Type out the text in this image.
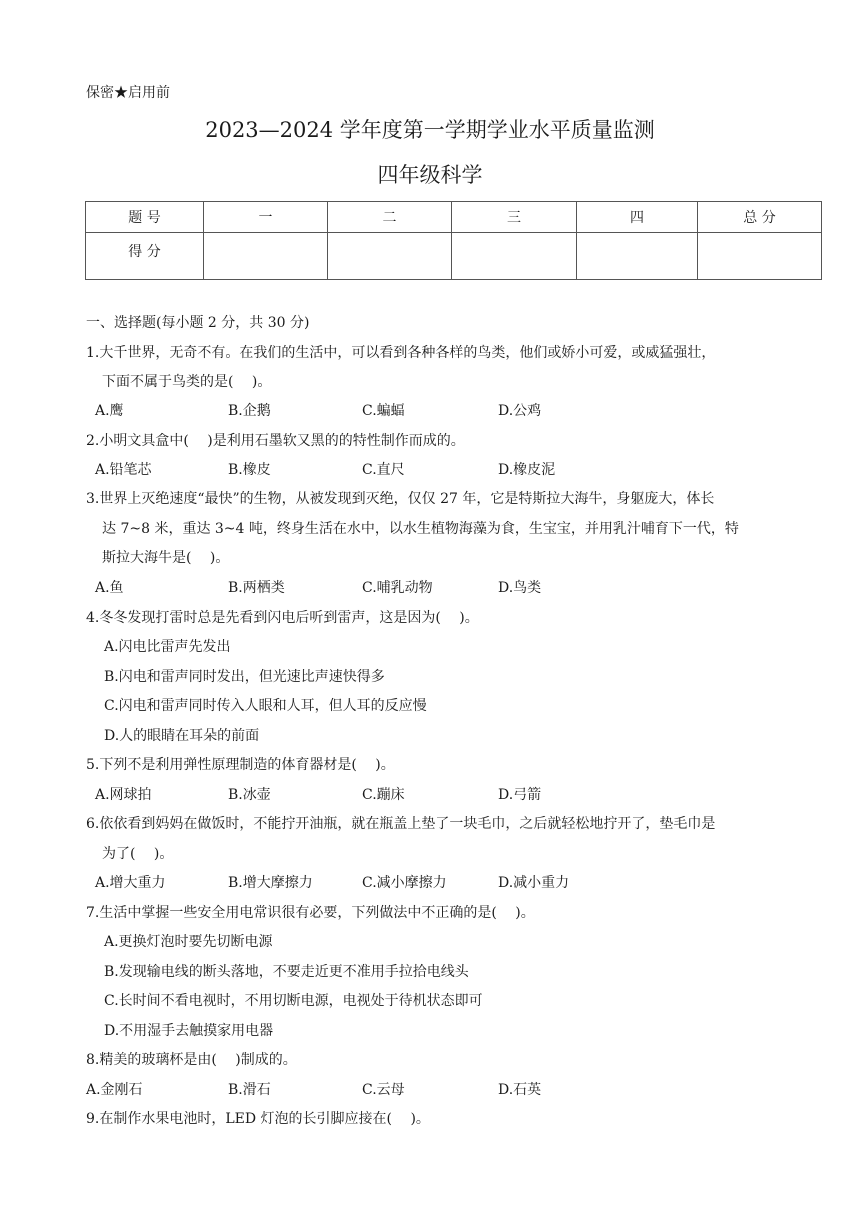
保密★启用前
2023—2024 学年度第一学期学业水平质量监测
四年级科学
题 号	一	二	三	四	总 分
得 分					
一、选择题(每小题 2 分，共 30 分)
1.大千世界，无奇不有。在我们的生活中，可以看到各种各样的鸟类，他们或娇小可爱，或威猛强壮，
下面不属于鸟类的是(　 )。
A.鹰	B.企鹅	C.蝙蝠	D.公鸡
2.小明文具盒中(　 )是利用石墨软又黑的的特性制作而成的。
A.铅笔芯	B.橡皮	C.直尺	D.橡皮泥
3.世界上灭绝速度“最快”的生物，从被发现到灭绝，仅仅 27 年，它是特斯拉大海牛，身躯庞大，体长
达 7~8 米，重达 3~4 吨，终身生活在水中，以水生植物海藻为食，生宝宝，并用乳汁哺育下一代，特
斯拉大海牛是(　 )。
A.鱼	B.两栖类	C.哺乳动物	D.鸟类
4.冬冬发现打雷时总是先看到闪电后听到雷声，这是因为(　 )。
A.闪电比雷声先发出
B.闪电和雷声同时发出，但光速比声速快得多
C.闪电和雷声同时传入人眼和人耳，但人耳的反应慢
D.人的眼睛在耳朵的前面
5.下列不是利用弹性原理制造的体育器材是(　 )。
A.网球拍	B.冰壶	C.蹦床	D.弓箭
6.依依看到妈妈在做饭时，不能拧开油瓶，就在瓶盖上垫了一块毛巾，之后就轻松地拧开了，垫毛巾是
为了(　 )。
A.增大重力	B.增大摩擦力	C.减小摩擦力	D.减小重力
7.生活中掌握一些安全用电常识很有必要，下列做法中不正确的是(　 )。
A.更换灯泡时要先切断电源
B.发现输电线的断头落地，不要走近更不准用手拉拾电线头
C.长时间不看电视时，不用切断电源，电视处于待机状态即可
D.不用湿手去触摸家用电器
8.精美的玻璃杯是由(　 )制成的。
A.金刚石	B.滑石	C.云母	D.石英
9.在制作水果电池时，LED 灯泡的长引脚应接在(　 )。
